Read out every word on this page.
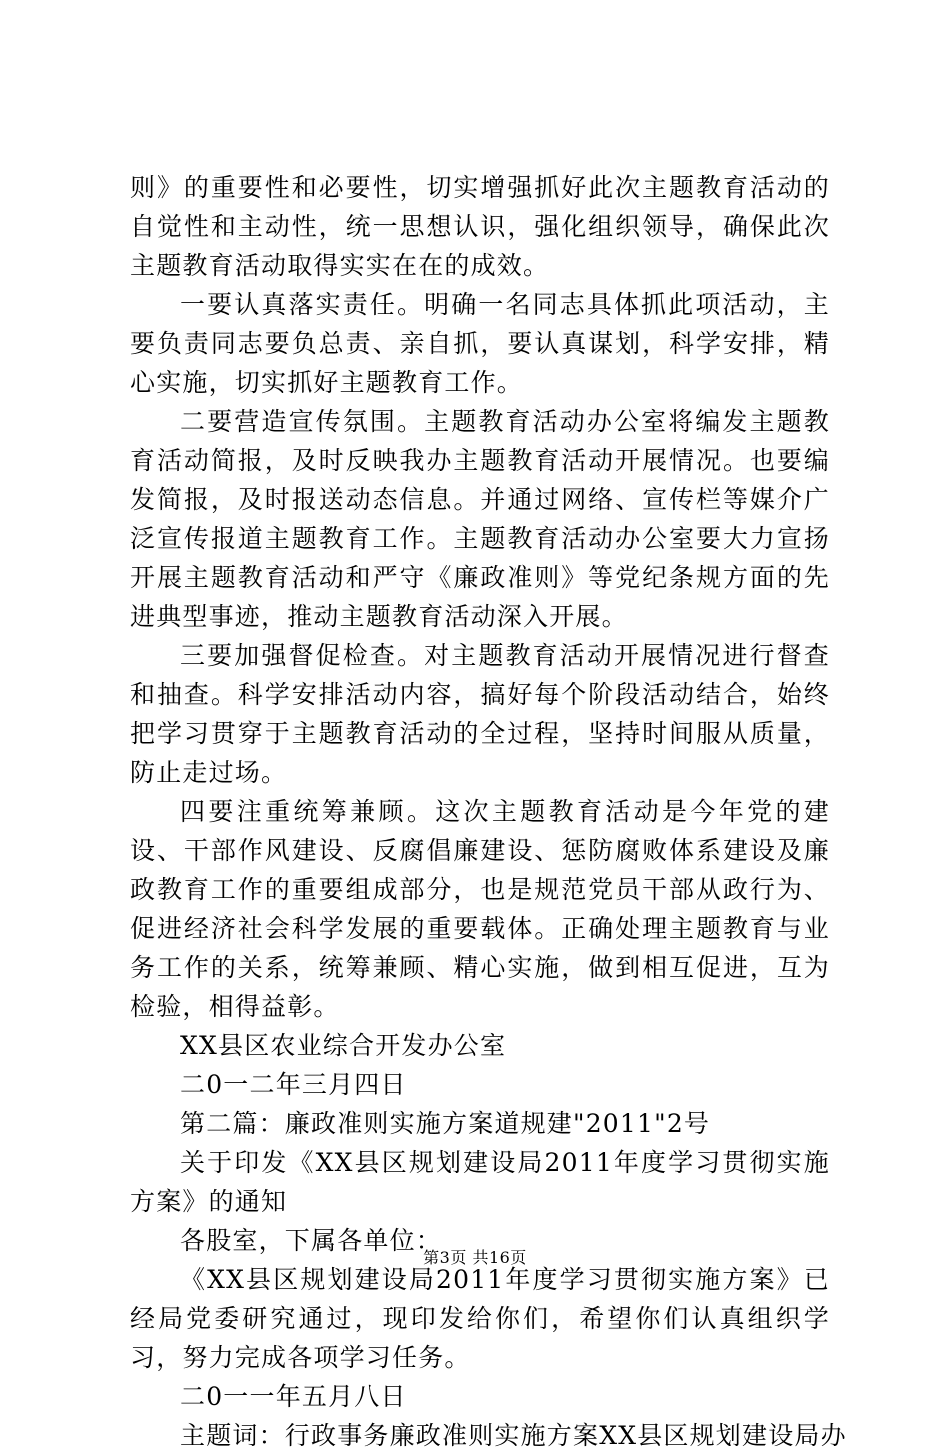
则》的重要性和必要性，切实增强抓好此次主题教育活动的自觉性和主动性，统一思想认识，强化组织领导，确保此次主题教育活动取得实实在在的成效。

一要认真落实责任。明确一名同志具体抓此项活动，主要负责同志要负总责、亲自抓，要认真谋划，科学安排，精心实施，切实抓好主题教育工作。

二要营造宣传氛围。主题教育活动办公室将编发主题教育活动简报，及时反映我办主题教育活动开展情况。也要编发简报，及时报送动态信息。并通过网络、宣传栏等媒介广泛宣传报道主题教育工作。主题教育活动办公室要大力宣扬开展主题教育活动和严守《廉政准则》等党纪条规方面的先进典型事迹，推动主题教育活动深入开展。

三要加强督促检查。对主题教育活动开展情况进行督查和抽查。科学安排活动内容，搞好每个阶段活动结合，始终把学习贯穿于主题教育活动的全过程，坚持时间服从质量，防止走过场。

四要注重统筹兼顾。这次主题教育活动是今年党的建设、干部作风建设、反腐倡廉建设、惩防腐败体系建设及廉政教育工作的重要组成部分，也是规范党员干部从政行为、促进经济社会科学发展的重要载体。正确处理主题教育与业务工作的关系，统筹兼顾、精心实施，做到相互促进，互为检验，相得益彰。

XX县区农业综合开发办公室

二0一二年三月四日

第二篇：廉政准则实施方案道规建"2011"2号

关于印发《XX县区规划建设局2011年度学习贯彻实施方案》的通知

各股室，下属各单位：

《XX县区规划建设局2011年度学习贯彻实施方案》已经局党委研究通过，现印发给你们，希望你们认真组织学习，努力完成各项学习任务。

二0一一年五月八日

主题词：行政事务廉政准则实施方案XX县区规划建设局办

第3页 共16页
